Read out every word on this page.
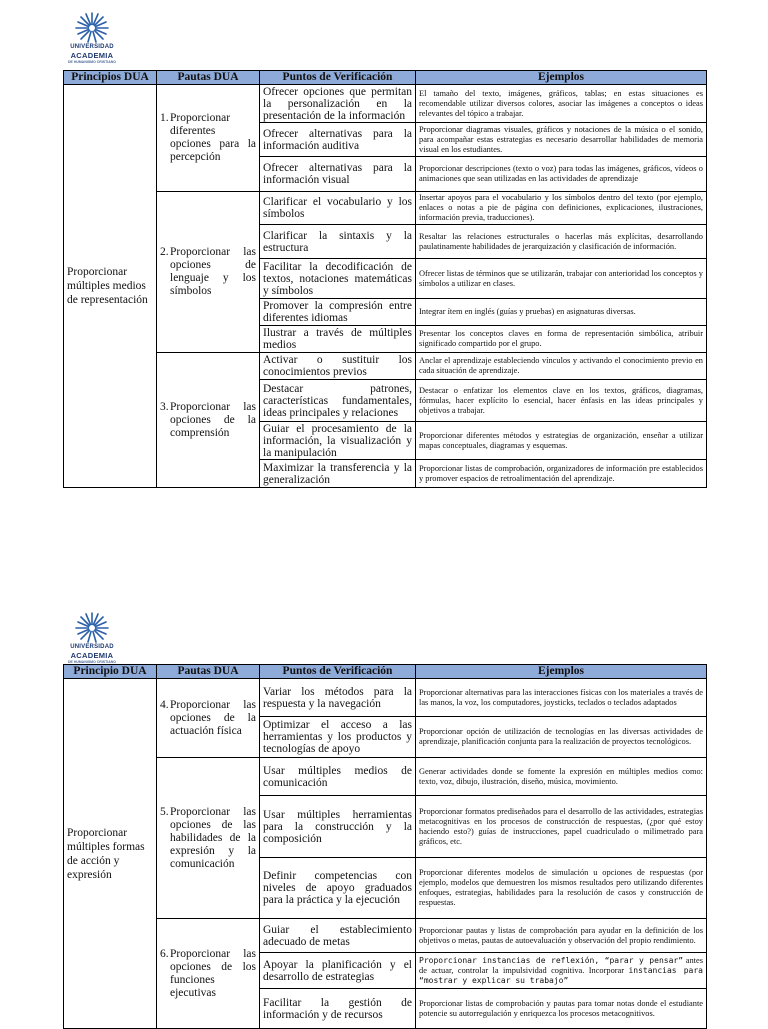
UNIVERSIDAD
ACADEMIA
DE HUMANISMO CRISTIANO
Principios DUA	Pautas DUA	Puntos de Verificación	Ejemplos
Proporcionar múltiples medios de representación	1. Proporcionar diferentes opciones para la percepción	Ofrecer opciones que permitan la personalización en la presentación de la información	El tamaño del texto, imágenes, gráficos, tablas; en estas situaciones es recomendable utilizar diversos colores, asociar las imágenes a conceptos o ideas relevantes del tópico a trabajar.
		Ofrecer alternativas para la información auditiva	Proporcionar diagramas visuales, gráficos y notaciones de la música o el sonido, para acompañar estas estrategias es necesario desarrollar habilidades de memoria visual en los estudiantes.
		Ofrecer alternativas para la información visual	Proporcionar descripciones (texto o voz) para todas las imágenes, gráficos, vídeos o animaciones que sean utilizadas en las actividades de aprendizaje

	2. Proporcionar las opciones de lenguaje y los símbolos	Clarificar el vocabulario y los símbolos	Insertar apoyos para el vocabulario y los símbolos dentro del texto (por ejemplo, enlaces o notas a pie de página con definiciones, explicaciones, ilustraciones, información previa, traducciones).
		Clarificar la sintaxis y la estructura	Resaltar las relaciones estructurales o hacerlas más explícitas, desarrollando paulatinamente habilidades de jerarquización y clasificación de información.
		Facilitar la decodificación de textos, notaciones matemáticas y símbolos	Ofrecer listas de términos que se utilizarán, trabajar con anterioridad los conceptos y símbolos a utilizar en clases.
		Promover la compresión entre diferentes idiomas	Integrar ítem en inglés (guías y pruebas) en asignaturas diversas.
		Ilustrar a través de múltiples medios	Presentar los conceptos claves en forma de representación simbólica, atribuir significado compartido por el grupo.

	3. Proporcionar las opciones de la comprensión	Activar o sustituir los conocimientos previos	Anclar el aprendizaje estableciendo vínculos y activando el conocimiento previo en cada situación de aprendizaje.
		Destacar patrones, características fundamentales, ideas principales y relaciones	Destacar o enfatizar los elementos clave en los textos, gráficos, diagramas, fórmulas, hacer explícito lo esencial, hacer énfasis en las ideas principales y objetivos a trabajar.
		Guiar el procesamiento de la información, la visualización y la manipulación	Proporcionar diferentes métodos y estrategias de organización, enseñar a utilizar mapas conceptuales, diagramas y esquemas.
		Maximizar la transferencia y la generalización	Proporcionar listas de comprobación, organizadores de información pre establecidos y promover espacios de retroalimentación del aprendizaje.
UNIVERSIDAD
ACADEMIA
DE HUMANISMO CRISTIANO
Principio DUA	Pautas DUA	Puntos de Verificación	Ejemplos
Proporcionar múltiples formas de acción y expresión	4. Proporcionar las opciones de la actuación física	Variar los métodos para la respuesta y la navegación	Proporcionar alternativas para las interacciones físicas con los materiales a través de las manos, la voz, los computadores, joysticks, teclados o teclados adaptados
		Optimizar el acceso a las herramientas y los productos y tecnologías de apoyo	Proporcionar opción de utilización de tecnologías en las diversas actividades de aprendizaje, planificación conjunta para la realización de proyectos tecnológicos.

	5. Proporcionar las opciones de las habilidades de la expresión y la comunicación	Usar múltiples medios de comunicación	Generar actividades donde se fomente la expresión en múltiples medios como: texto, voz, dibujo, ilustración, diseño, música, movimiento.
		Usar múltiples herramientas para la construcción y la composición	Proporcionar formatos prediseñados para el desarrollo de las actividades, estrategias metacognitivas en los procesos de construcción de respuestas, (¿por qué estoy haciendo esto?) guías de instrucciones, papel cuadriculado o milimetrado para gráficos, etc.
		Definir competencias con niveles de apoyo graduados para la práctica y la ejecución	Proporcionar diferentes modelos de simulación u opciones de respuestas (por ejemplo, modelos que demuestren los mismos resultados pero utilizando diferentes enfoques, estrategias, habilidades para la resolución de casos y construcción de respuestas.

	6. Proporcionar las opciones de los funciones ejecutivas	Guiar el establecimiento adecuado de metas	Proporcionar pautas y listas de comprobación para ayudar en la definición de los objetivos o metas, pautas de autoevaluación y observación del propio rendimiento.
		Apoyar la planificación y el desarrollo de estrategias	Proporcionar instancias de reflexión, “parar y pensar” antes de actuar, controlar la impulsividad cognitiva. Incorporar instancias para “mostrar y explicar su trabajo”
		Facilitar la gestión de información y de recursos	Proporcionar listas de comprobación y pautas para tomar notas donde el estudiante potencie su autorregulación y enriquezca los procesos metacognitivos.
